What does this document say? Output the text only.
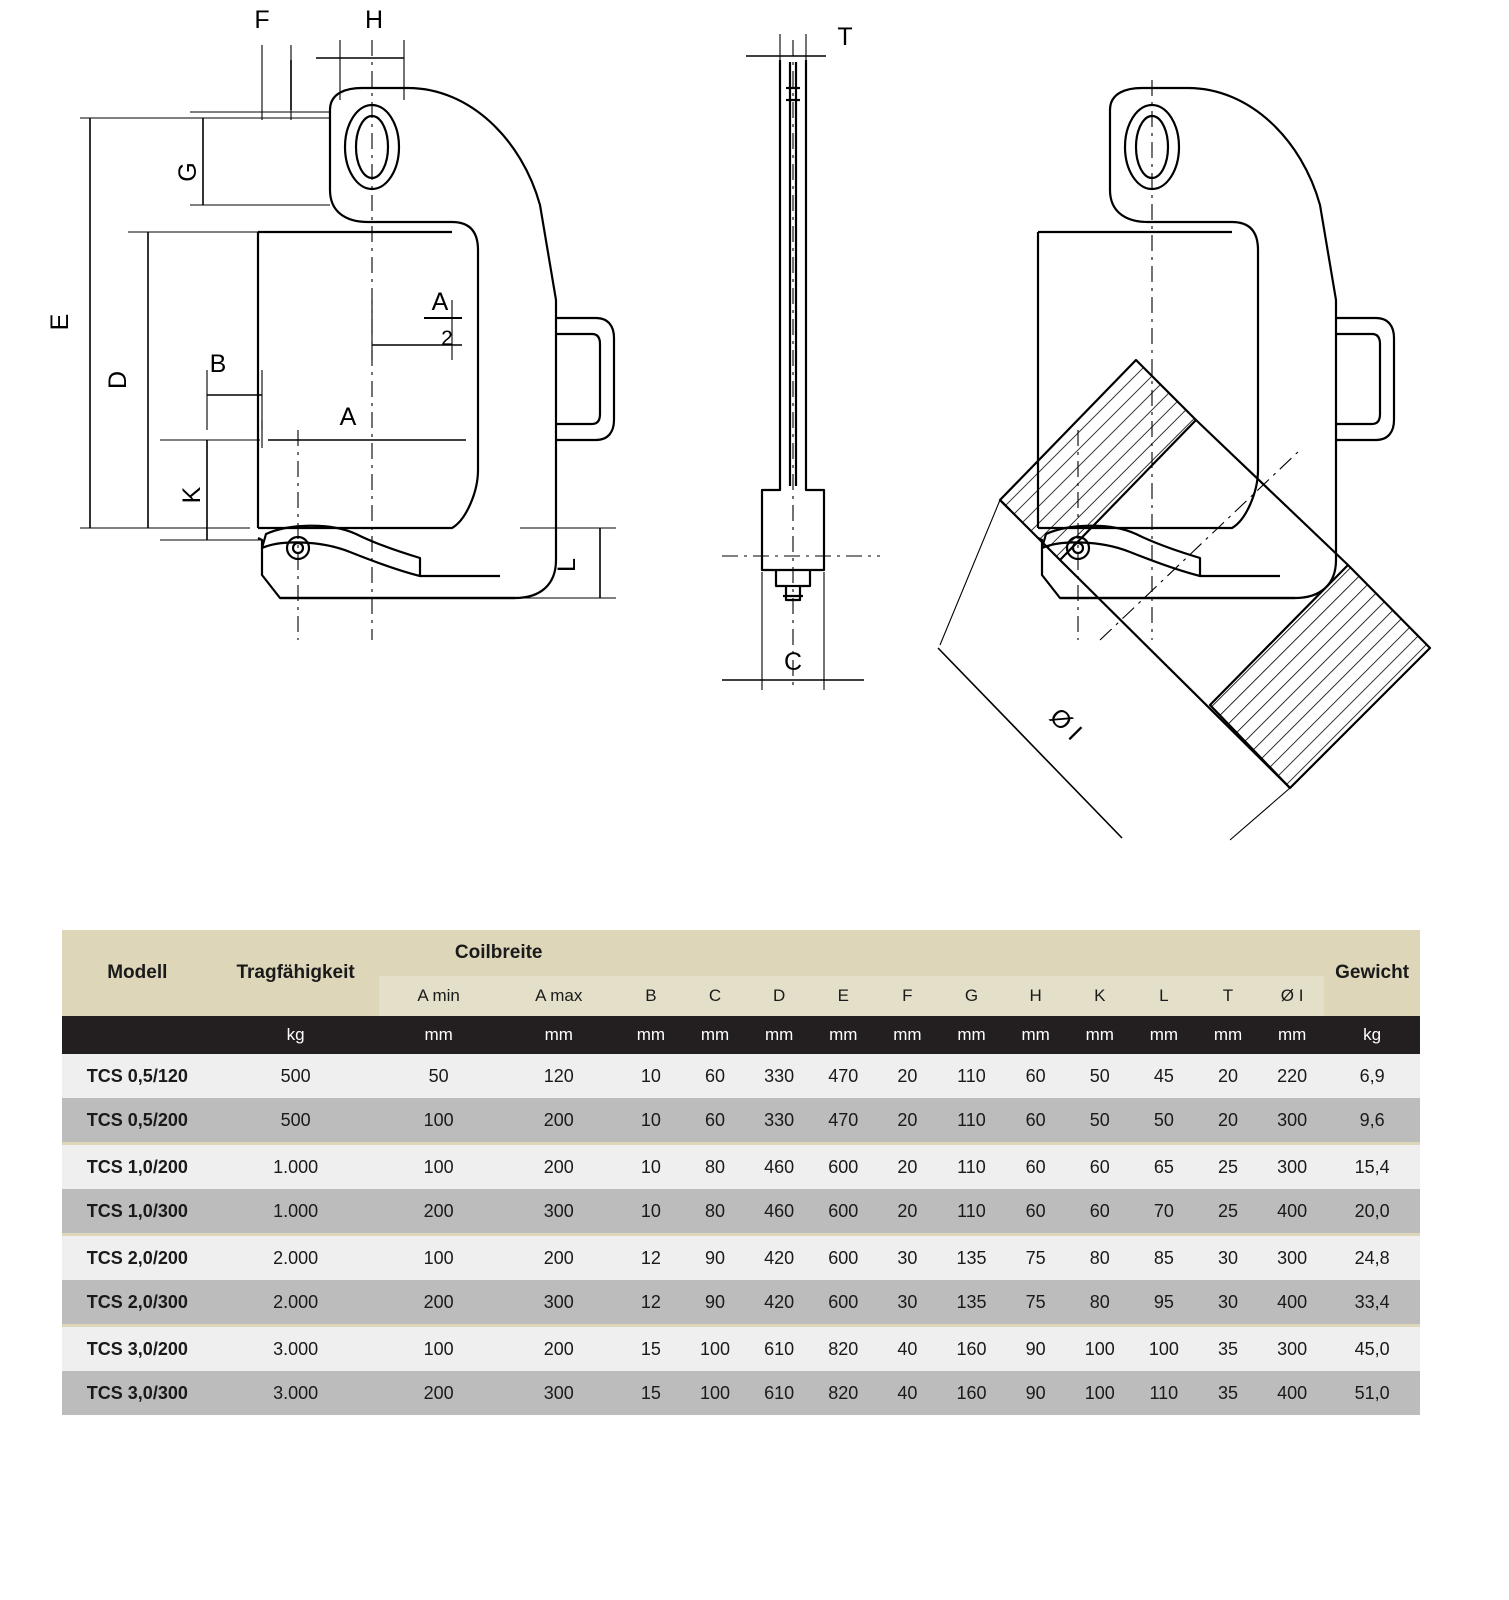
F	H
G
E
D
B
A
K
L
T
C
A
2
Ø I
Modell	Tragfähigkeit	Coilbreite													Gewicht
		A min	A max	B	C	D	E	F	G	H	K	L	T	Ø I	
	kg	mm	mm	mm	mm	mm	mm	mm	mm	mm	mm	mm	mm	mm	kg
TCS 0,5/120	500	50	120	10	60	330	470	20	110	60	50	45	20	220	6,9
TCS 0,5/200	500	100	200	10	60	330	470	20	110	60	50	50	20	300	9,6
TCS 1,0/200	1.000	100	200	10	80	460	600	20	110	60	60	65	25	300	15,4
TCS 1,0/300	1.000	200	300	10	80	460	600	20	110	60	60	70	25	400	20,0
TCS 2,0/200	2.000	100	200	12	90	420	600	30	135	75	80	85	30	300	24,8
TCS 2,0/300	2.000	200	300	12	90	420	600	30	135	75	80	95	30	400	33,4
TCS 3,0/200	3.000	100	200	15	100	610	820	40	160	90	100	100	35	300	45,0
TCS 3,0/300	3.000	200	300	15	100	610	820	40	160	90	100	110	35	400	51,0
